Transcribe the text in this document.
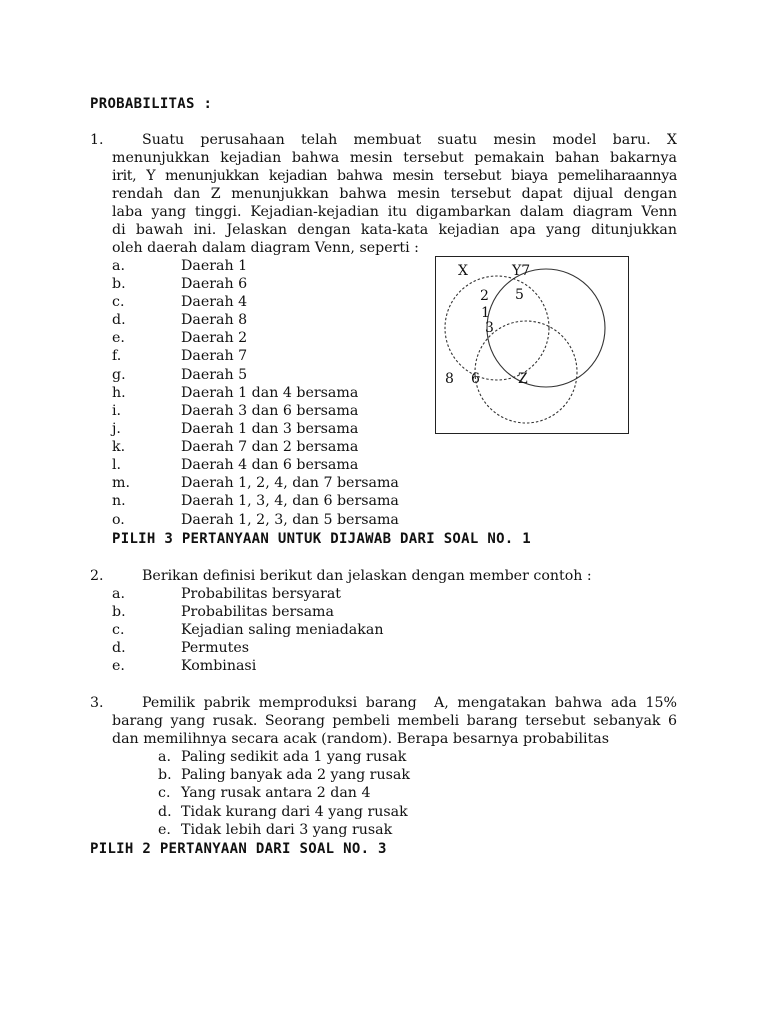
PROBABILITAS :
1.	Suatu perusahaan telah membuat suatu mesin model baru. X
menunjukkan kejadian bahwa mesin tersebut pemakain bahan bakarnya
irit, Y menunjukkan kejadian bahwa mesin tersebut biaya pemeliharaannya
rendah dan Z menunjukkan bahwa mesin tersebut dapat dijual dengan
laba yang tinggi. Kejadian-kejadian itu digambarkan dalam diagram Venn
di bawah ini. Jelaskan dengan kata-kata kejadian apa yang ditunjukkan
oleh daerah dalam diagram Venn, seperti :
a.	Daerah 1
b.	Daerah 6
c.	Daerah 4
d.	Daerah 8
e.	Daerah 2
f.	Daerah 7
g.	Daerah 5
h.	Daerah 1 dan 4 bersama
i.	Daerah 3 dan 6 bersama
j.	Daerah 1 dan 3 bersama
k.	Daerah 7 dan 2 bersama
l.	Daerah 4 dan 6 bersama
m.	Daerah 1, 2, 4, dan 7 bersama
n.	Daerah 1, 3, 4, dan 6 bersama
o.	Daerah 1, 2, 3, dan 5 bersama
PILIH 3 PERTANYAAN UNTUK DIJAWAB DARI SOAL NO. 1
X	Y7
2 5
1
3
8 6	Z
2.	Berikan definisi berikut dan jelaskan dengan member contoh :
a.	Probabilitas bersyarat
b.	Probabilitas bersama
c.	Kejadian saling meniadakan
d.	Permutes
e.	Kombinasi
3.	Pemilik pabrik memproduksi barang  A, mengatakan bahwa ada 15%
barang yang rusak. Seorang pembeli membeli barang tersebut sebanyak 6
dan memilihnya secara acak (random). Berapa besarnya probabilitas
a. Paling sedikit ada 1 yang rusak
b. Paling banyak ada 2 yang rusak
c. Yang rusak antara 2 dan 4
d. Tidak kurang dari 4 yang rusak
e. Tidak lebih dari 3 yang rusak
PILIH 2 PERTANYAAN DARI SOAL NO. 3
